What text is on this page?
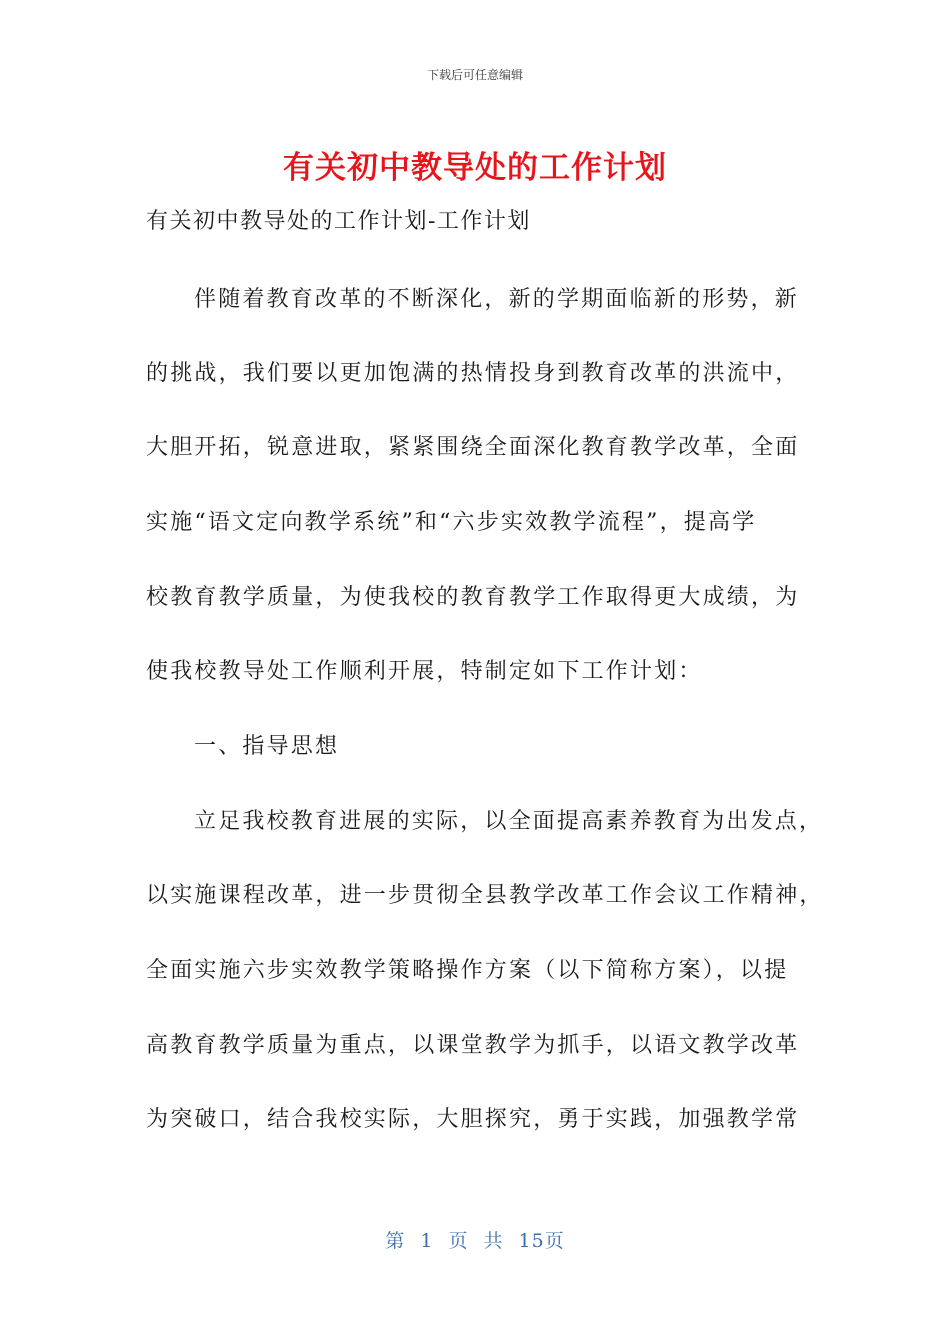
下载后可任意编辑
有关初中教导处的工作计划
有关初中教导处的工作计划-工作计划
伴随着教育改革的不断深化，新的学期面临新的形势，新
的挑战，我们要以更加饱满的热情投身到教育改革的洪流中，
大胆开拓，锐意进取，紧紧围绕全面深化教育教学改革，全面
实施“语文定向教学系统”和“六步实效教学流程”，提高学
校教育教学质量，为使我校的教育教学工作取得更大成绩，为
使我校教导处工作顺利开展，特制定如下工作计划：
一、指导思想
立足我校教育进展的实际，以全面提高素养教育为出发点，
以实施课程改革，进一步贯彻全县教学改革工作会议工作精神，
全面实施六步实效教学策略操作方案（以下简称方案），以提
高教育教学质量为重点，以课堂教学为抓手，以语文教学改革
为突破口，结合我校实际，大胆探究，勇于实践，加强教学常
第 1 页 共 15页
